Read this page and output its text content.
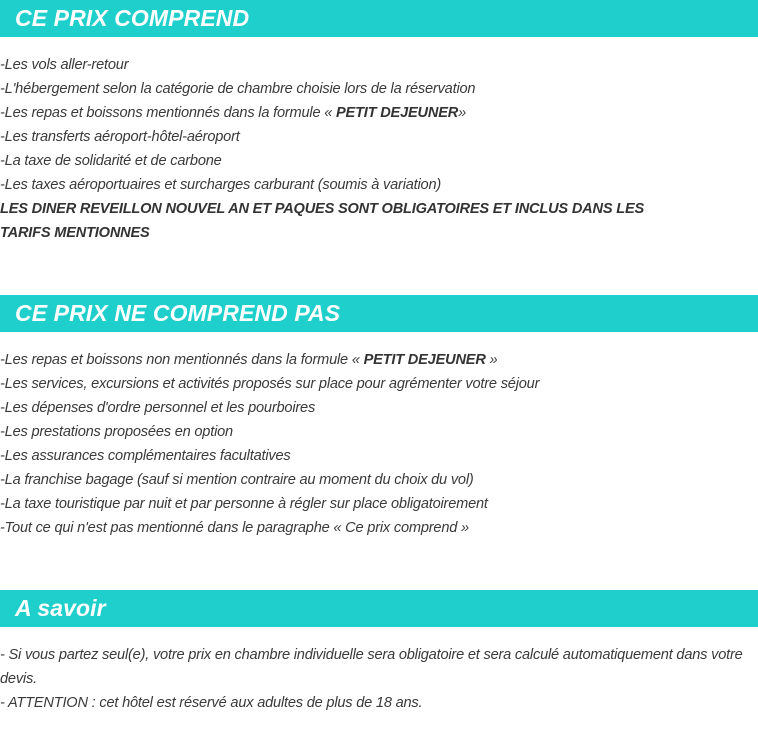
CE PRIX COMPREND
-Les vols aller-retour
-L'hébergement selon la catégorie de chambre choisie lors de la réservation
-Les repas et boissons mentionnés dans la formule « PETIT DEJEUNER»
-Les transferts aéroport-hôtel-aéroport
-La taxe de solidarité et de carbone
-Les taxes aéroportuaires et surcharges carburant (soumis à variation)
LES DINER REVEILLON NOUVEL AN ET PAQUES SONT OBLIGATOIRES ET INCLUS DANS LES TARIFS MENTIONNES
CE PRIX NE COMPREND PAS
-Les repas et boissons non mentionnés dans la formule « PETIT DEJEUNER »
-Les services, excursions et activités proposés sur place pour agrémenter votre séjour
-Les dépenses d'ordre personnel et les pourboires
-Les prestations proposées en option
-Les assurances complémentaires facultatives
-La franchise bagage (sauf si mention contraire au moment du choix du vol)
-La taxe touristique par nuit et par personne à régler sur place obligatoirement
-Tout ce qui n'est pas mentionné dans le paragraphe « Ce prix comprend »
A savoir
- Si vous partez seul(e), votre prix en chambre individuelle sera obligatoire et sera calculé automatiquement dans votre devis.
- ATTENTION : cet hôtel est réservé aux adultes de plus de 18 ans.
